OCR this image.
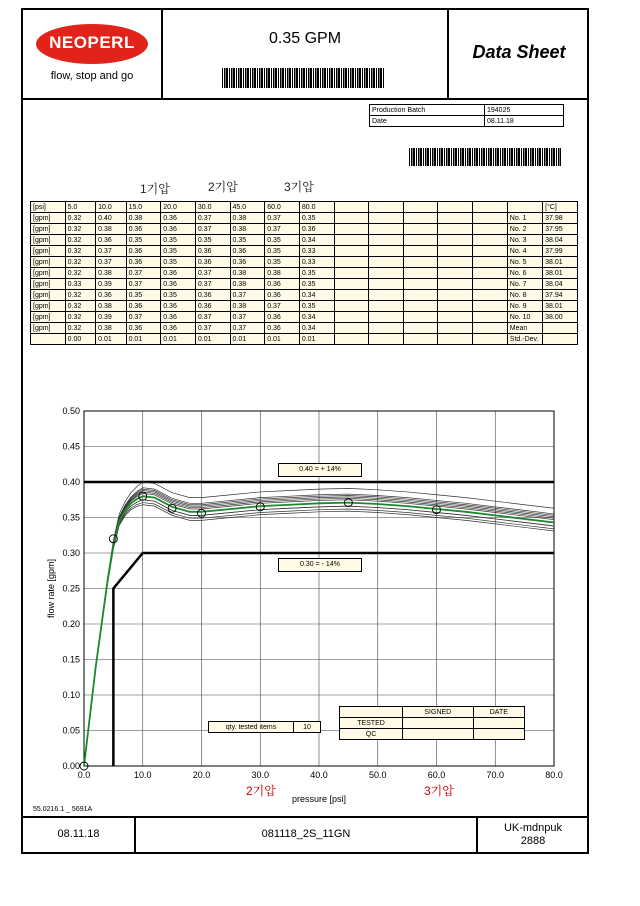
NEOPERL
flow, stop and go
0.35 GPM
Data Sheet
Production Batch	194025
Date	08.11.18
1기압	2기압	3기압
[psi]	5.0	10.0	15.0	20.0	30.0	45.0	60.0	80.0							[°C]
[gpm]	0.32	0.40	0.38	0.36	0.37	0.38	0.37	0.35						No. 1	37.98
[gpm]	0.32	0.38	0.36	0.36	0.37	0.38	0.37	0.36						No. 2	37.95
[gpm]	0.32	0.36	0.35	0.35	0.35	0.35	0.35	0.34						No. 3	38.04
[gpm]	0.32	0.37	0.36	0.35	0.36	0.36	0.35	0.33						No. 4	37.99
[gpm]	0.32	0.37	0.36	0.35	0.36	0.36	0.35	0.33						No. 5	38.01
[gpm]	0.32	0.38	0.37	0.36	0.37	0.38	0.38	0.35						No. 6	38.01
[gpm]	0.33	0.39	0.37	0.36	0.37	0.38	0.36	0.35						No. 7	38.04
[gpm]	0.32	0.36	0.35	0.35	0.36	0.37	0.36	0.34						No. 8	37.94
[gpm]	0.32	0.38	0.36	0.36	0.36	0.38	0.37	0.35						No. 9	38.01
[gpm]	0.32	0.39	0.37	0.36	0.37	0.37	0.36	0.34						No. 10	38.00
[gpm]	0.32	0.38	0.36	0.36	0.37	0.37	0.36	0.34						Mean	
	0.00	0.01	0.01	0.01	0.01	0.01	0.01	0.01						Std.-Dev.	
0.0	10.0	20.0	30.0	40.0	50.0	60.0	70.0	80.0
0.00
0.05
0.10
0.15
0.20
0.25
0.30
0.35
0.40
0.45
0.50
pressure [psi]
flow rate [gpm]
0.40 = + 14%
0.30 = - 14%
qty. tested items	10
	SIGNED	DATE
TESTED		
QC		
55.0216.1 _ 5691A
2기압	3기압
08.11.18	081118_2S_11GN	UK-mdnpuk
2888
